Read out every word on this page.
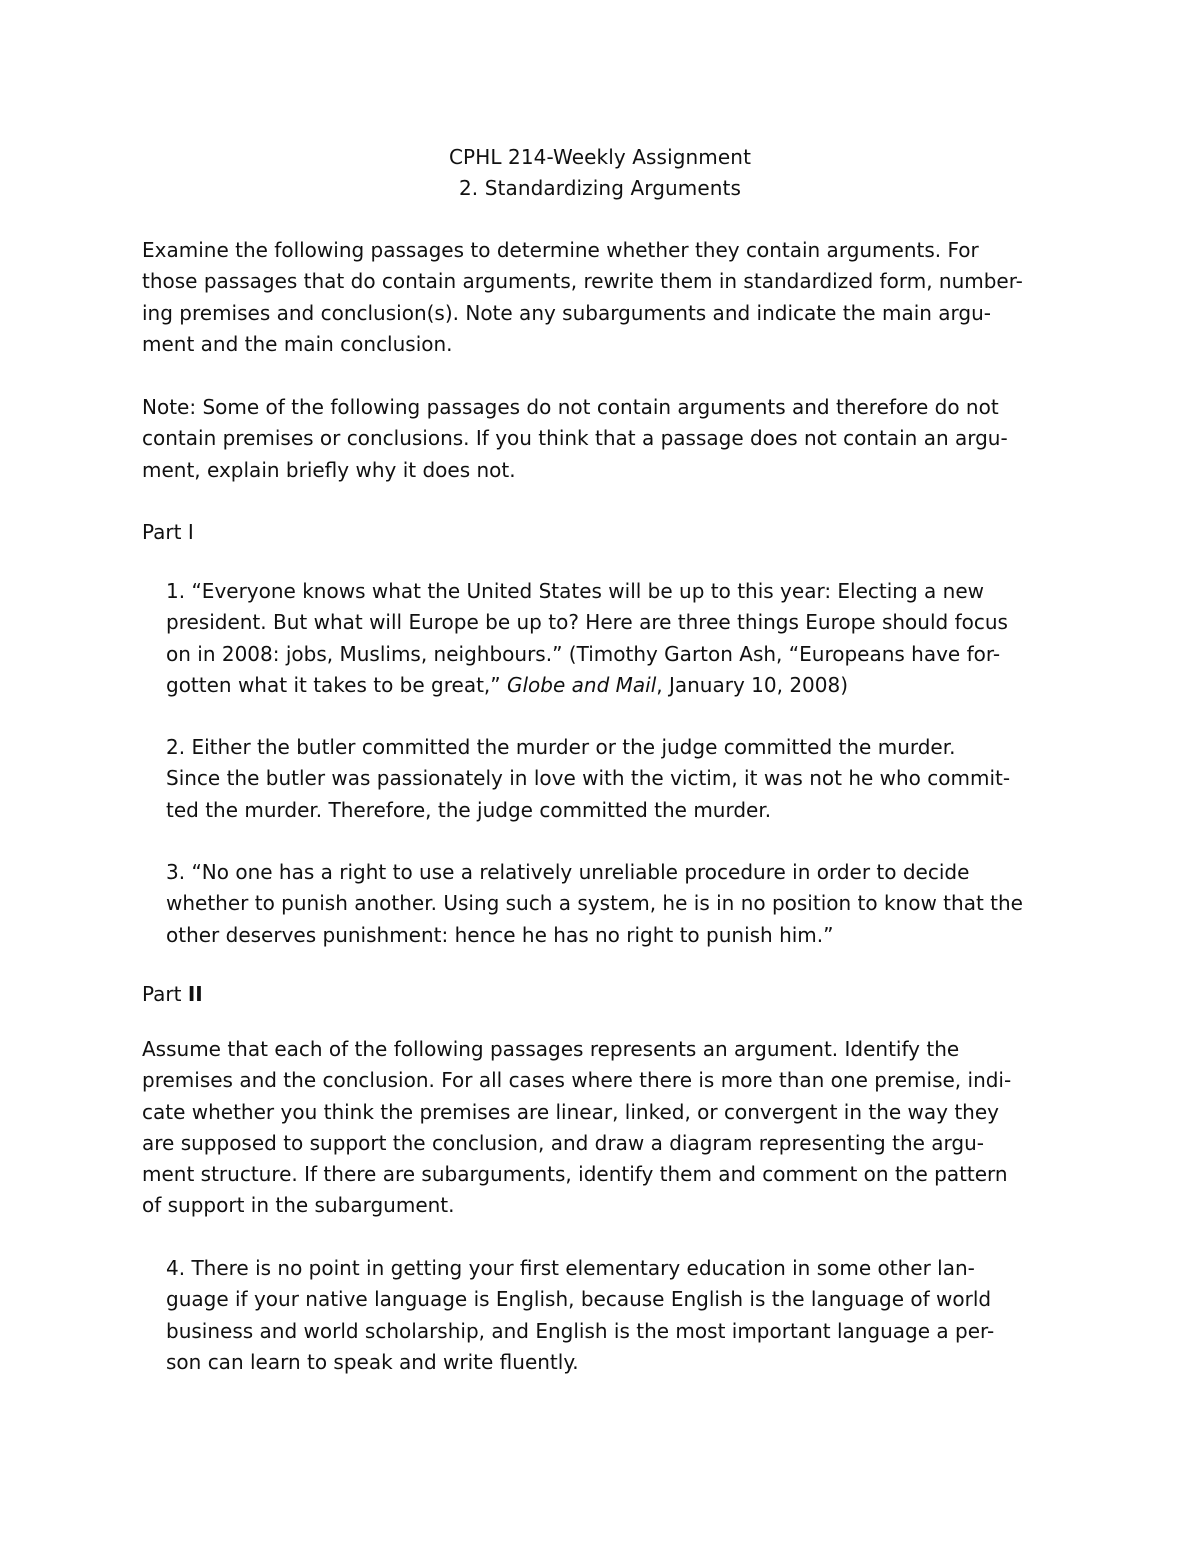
CPHL 214-Weekly Assignment
2. Standardizing Arguments
Examine the following passages to determine whether they contain arguments. For
those passages that do contain arguments, rewrite them in standardized form, number-
ing premises and conclusion(s). Note any subarguments and indicate the main argu-
ment and the main conclusion.
Note: Some of the following passages do not contain arguments and therefore do not
contain premises or conclusions. If you think that a passage does not contain an argu-
ment, explain briefly why it does not.
Part I
1. “Everyone knows what the United States will be up to this year: Electing a new
president. But what will Europe be up to? Here are three things Europe should focus
on in 2008: jobs, Muslims, neighbours.” (Timothy Garton Ash, “Europeans have for-
gotten what it takes to be great,” Globe and Mail, January 10, 2008)
2. Either the butler committed the murder or the judge committed the murder.
Since the butler was passionately in love with the victim, it was not he who commit-
ted the murder. Therefore, the judge committed the murder.
3. “No one has a right to use a relatively unreliable procedure in order to decide
whether to punish another. Using such a system, he is in no position to know that the
other deserves punishment: hence he has no right to punish him.”
Part II
Assume that each of the following passages represents an argument. Identify the
premises and the conclusion. For all cases where there is more than one premise, indi-
cate whether you think the premises are linear, linked, or convergent in the way they
are supposed to support the conclusion, and draw a diagram representing the argu-
ment structure. If there are subarguments, identify them and comment on the pattern
of support in the subargument.
4. There is no point in getting your first elementary education in some other lan-
guage if your native language is English, because English is the language of world
business and world scholarship, and English is the most important language a per-
son can learn to speak and write fluently.
